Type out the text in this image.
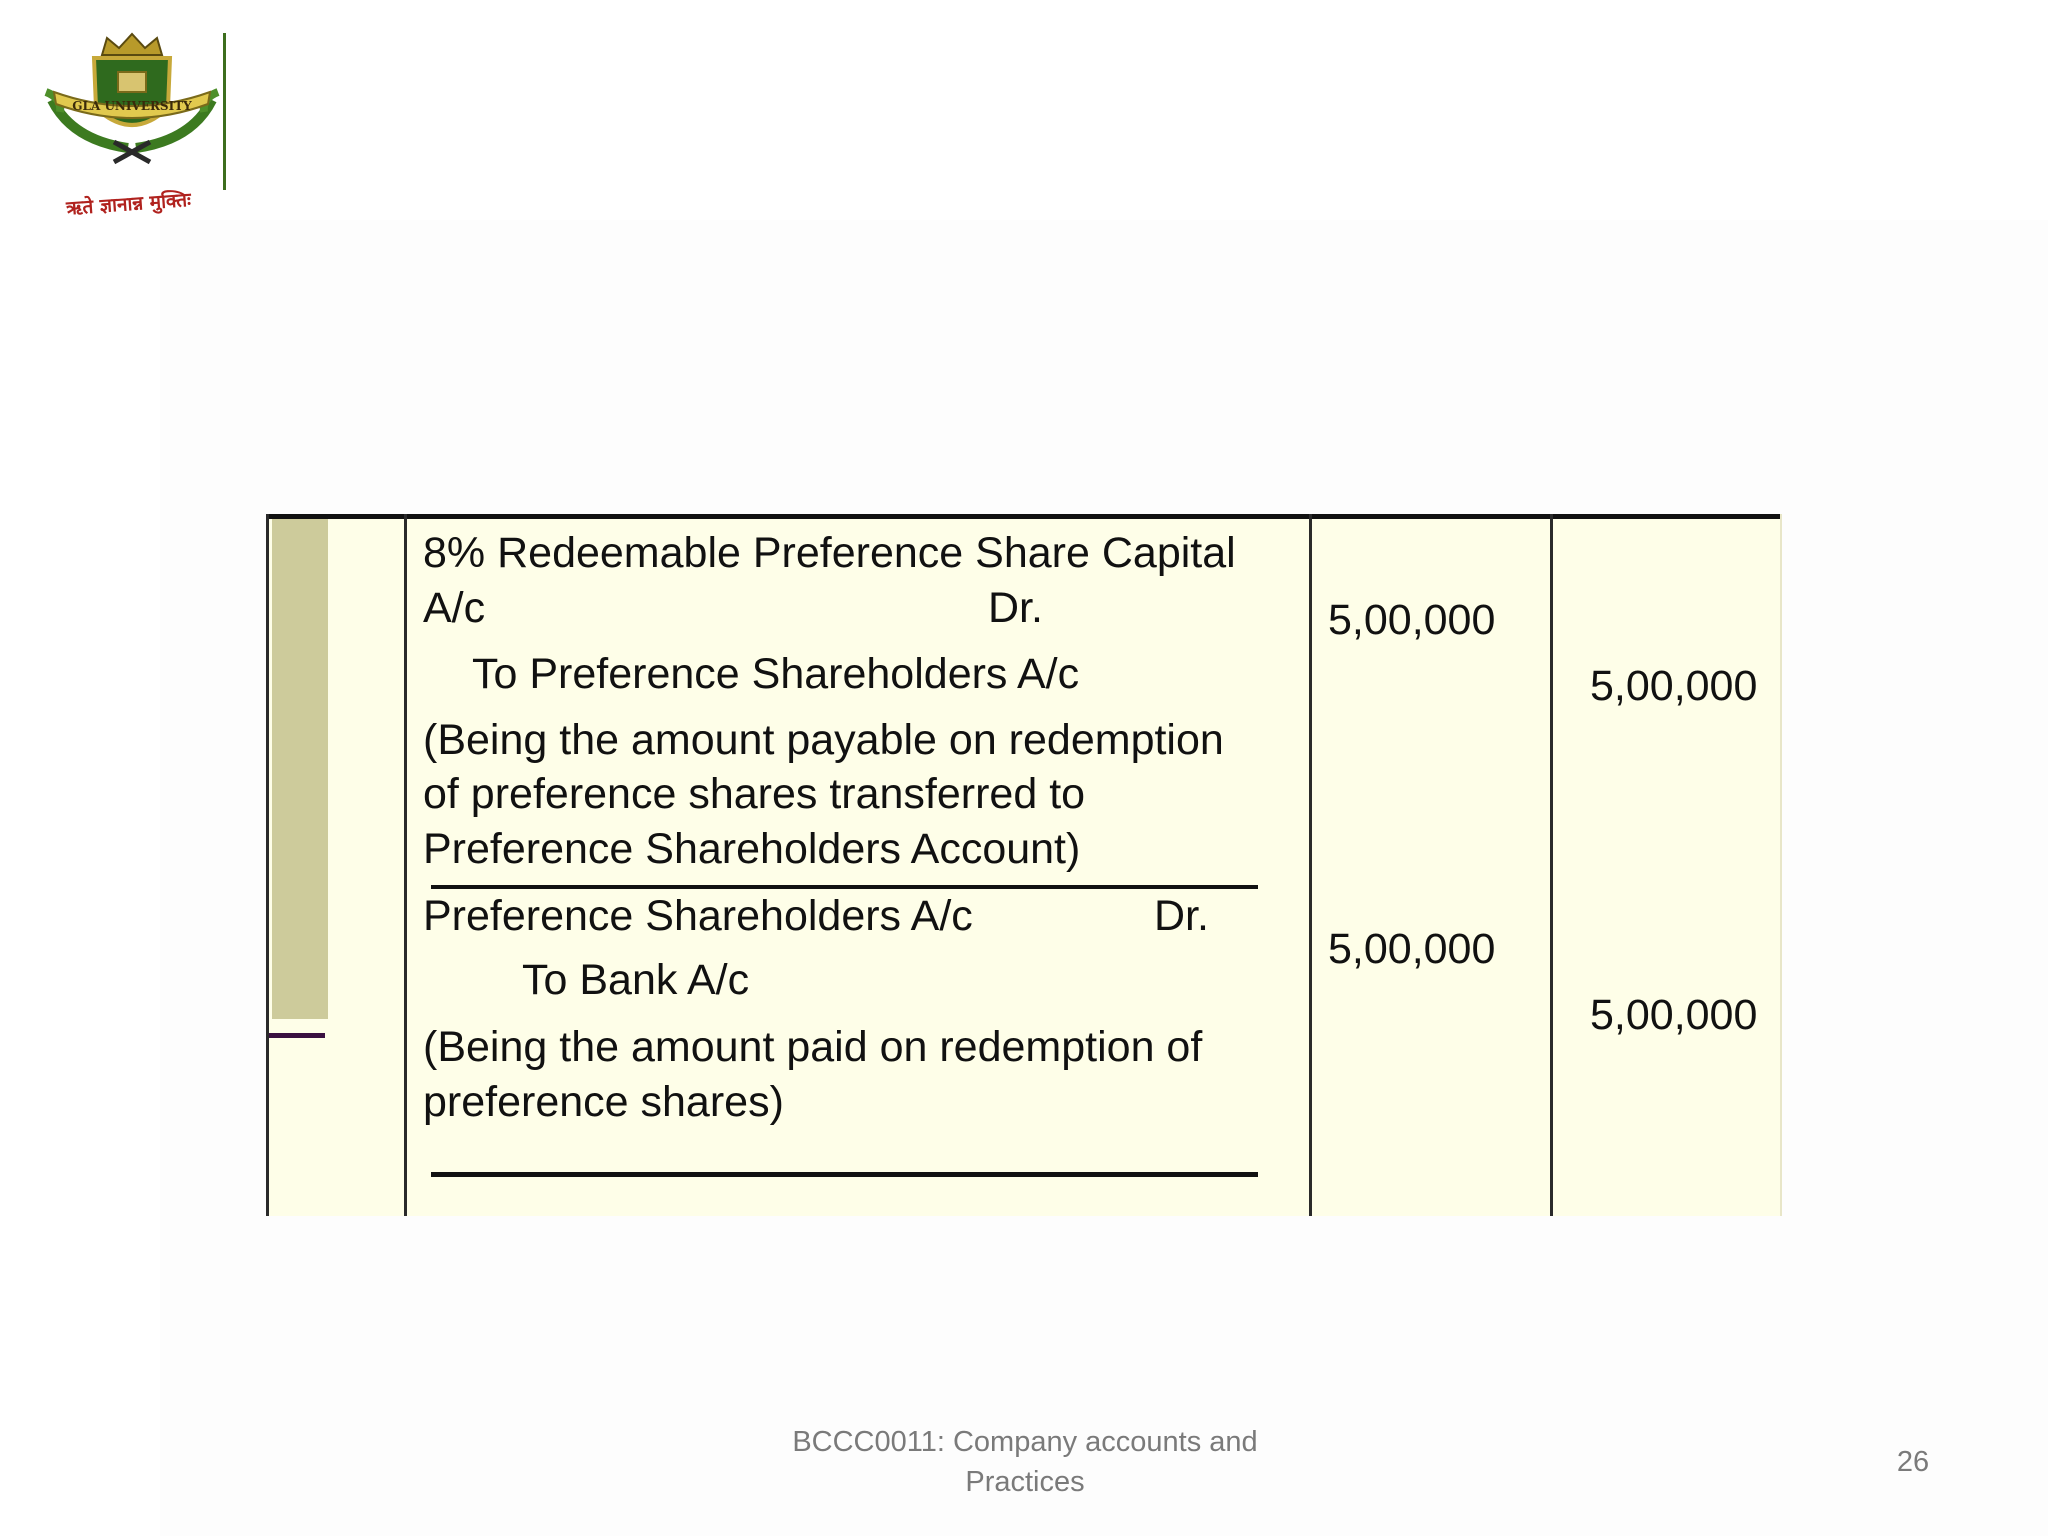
GLA UNIVERSITY
ऋते ज्ञानान्न मुक्तिः
8% Redeemable Preference Share Capital
A/c	Dr.
To Preference Shareholders A/c
(Being the amount payable on redemption
of preference shares transferred to
Preference Shareholders Account)
5,00,000
5,00,000
Preference Shareholders A/c	Dr.
To Bank A/c
(Being the amount paid on redemption of
preference shares)
5,00,000
5,00,000
BCCC0011: Company accounts and
Practices
26
